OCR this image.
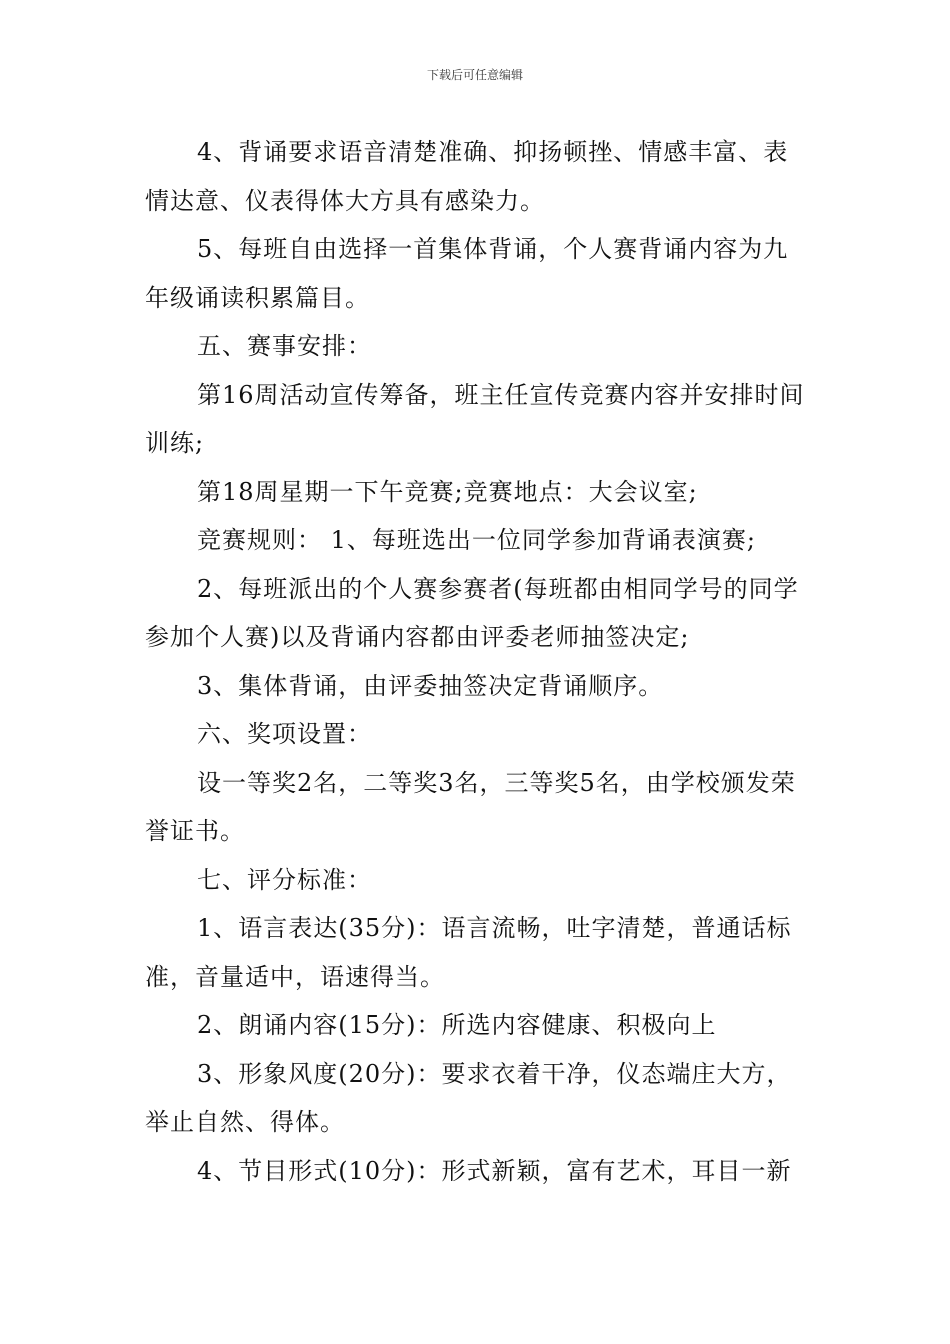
下载后可任意编辑

4、背诵要求语音清楚准确、抑扬顿挫、情感丰富、表情达意、仪表得体大方具有感染力。

5、每班自由选择一首集体背诵，个人赛背诵内容为九年级诵读积累篇目。

五、赛事安排：

第16周活动宣传筹备，班主任宣传竞赛内容并安排时间训练;

第18周星期一下午竞赛;竞赛地点：大会议室;

竞赛规则： 1、每班选出一位同学参加背诵表演赛;

2、每班派出的个人赛参赛者(每班都由相同学号的同学参加个人赛)以及背诵内容都由评委老师抽签决定;

3、集体背诵，由评委抽签决定背诵顺序。

六、奖项设置：

设一等奖2名，二等奖3名，三等奖5名，由学校颁发荣誉证书。

七、评分标准：

1、语言表达(35分)：语言流畅，吐字清楚，普通话标准，音量适中，语速得当。

2、朗诵内容(15分)：所选内容健康、积极向上

3、形象风度(20分)：要求衣着干净，仪态端庄大方，举止自然、得体。

4、节目形式(10分)：形式新颖，富有艺术，耳目一新
